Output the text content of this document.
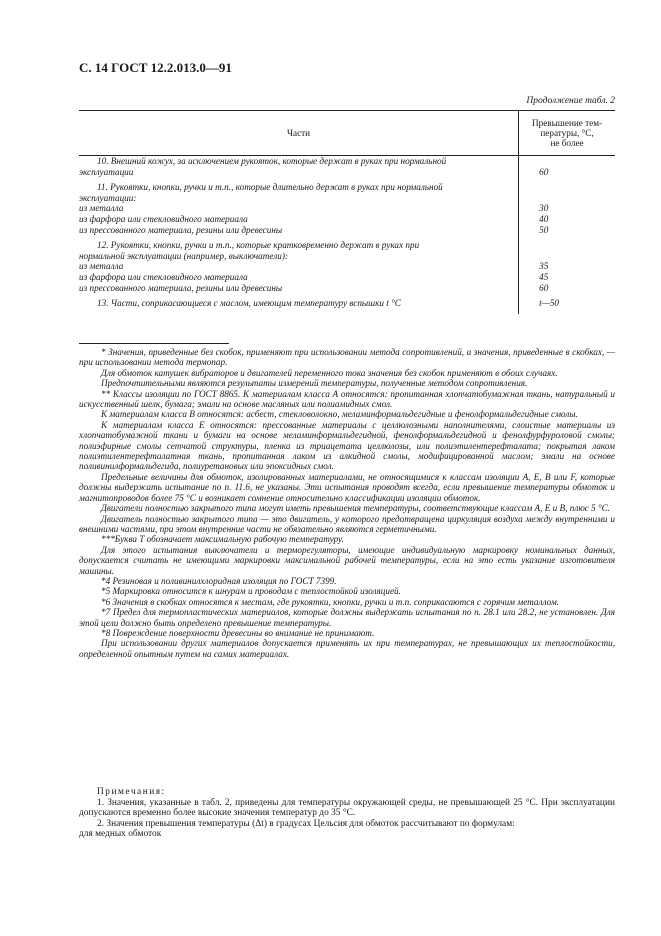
С. 14 ГОСТ 12.2.013.0—91
Продолжение табл. 2
Части	Превышение тем-
пературы, °С,
не более

10. Внешний кожух, за исключением рукояток, которые держат в руках при нормальной	
эксплуатации	60

11. Рукоятки, кнопки, ручки и т.п., которые длительно держат в руках при нормальной	
эксплуатации:	
из металла	30
из фарфора или стекловидного материала	40
из прессованного материала, резины или древесины	50

12. Рукоятки, кнопки, ручки и т.п., которые кратковременно держат в руках при	
нормальной эксплуатации (например, выключатели):	
из металла	35
из фарфора или стекловидного материала	45
из прессованного материала, резины или древесины	60

13. Части, соприкасающиеся с маслом, имеющим температуру вспышки t °C	t—50

* Значения, приведенные без скобок, применяют при использовании метода сопротивлений, а значения, приведенные в скобках, — при использовании метода термопар.

Для обмоток катушек вибраторов и двигателей переменного тока значения без скобок применяют в обоих случаях.

Предпочтительными являются результаты измерений температуры, полученные методом сопротивления.

** Классы изоляции по ГОСТ 8865. К материалам класса А относятся: пропитанная хлопчатобумажная ткань, натуральный и искусственный шелк, бумага; эмали на основе масляных или полиамидных смол.

К материалам класса В относятся: асбест, стекловолокно, меламинформальдегидные и фенолформальдегидные смолы.

К материалам класса Е относятся: прессованные материалы с целлюлозными наполнителями, слоистые материалы из хлопчатобумажной ткани и бумаги на основе меламинформальдегидной, фенолформальдегидной и фенолфурфуроловой смолы; полиэфирные смолы сетчатой структуры, пленка из триацетата целлюлозы, или полиэтилентерефталата; покрытая лаком полиэтилентерефталатная ткань, пропитанная лаком из алкидной смолы, модифицированной маслом; эмали на основе поливинилформальдегида, полиуретановых или эпоксидных смол.

Предельные величины для обмоток, изолированных материалами, не относящимися к классам изоляции А, Е, В или F, которые должны выдержать испытание по п. 11.6, не указаны. Эти испытания проводят всегда, если превышение температуры обмоток и магнитопроводов более 75 °C и возникает сомнение относительно классификации изоляции обмоток.

Двигатели полностью закрытого типа могут иметь превышения температуры, соответствующие классам А, Е и В, плюс 5 °С.

Двигатель полностью закрытого типа — это двигатель, у которого предотвращена циркуляция воздуха между внутренними и внешними частями, при этом внутренние части не обязательно являются герметичными.

***Буква Т обозначает максимальную рабочую температуру.

Для этого испытания выключатели и терморегуляторы, имеющие индивидуальную маркировку номинальных данных, допускается считать не имеющими маркировки максимальной рабочей температуры, если на это есть указание изготовителя машины.

*4 Резиновая и поливинилхлоридная изоляция по ГОСТ 7399.

*5 Маркировка относится к шнурам и проводам с теплостойкой изоляцией.

*6 Значения в скобках относятся к местам, где рукоятки, кнопки, ручки и т.п. соприкасаются с горячим металлом.

*7 Предел для термопластических материалов, которые должны выдержать испытания по п. 28.1 или 28.2, не установлен. Для этой цели должно быть определено превышение температуры.

*8 Повреждение поверхности древесины во внимание не принимают.

При использовании других материалов допускается применять их при температурах, не превышающих их теплостойкости, определенной опытным путем на самих материалах.

Примечания:

1. Значения, указанные в табл. 2, приведены для температуры окружающей среды, не превышающей 25 °С. При эксплуатации допускаются временно более высокие значения температур до 35 °С.

2. Значения превышения температуры (Δt) в градусах Цельсия для обмоток рассчитывают по формулам:

для медных обмоток
